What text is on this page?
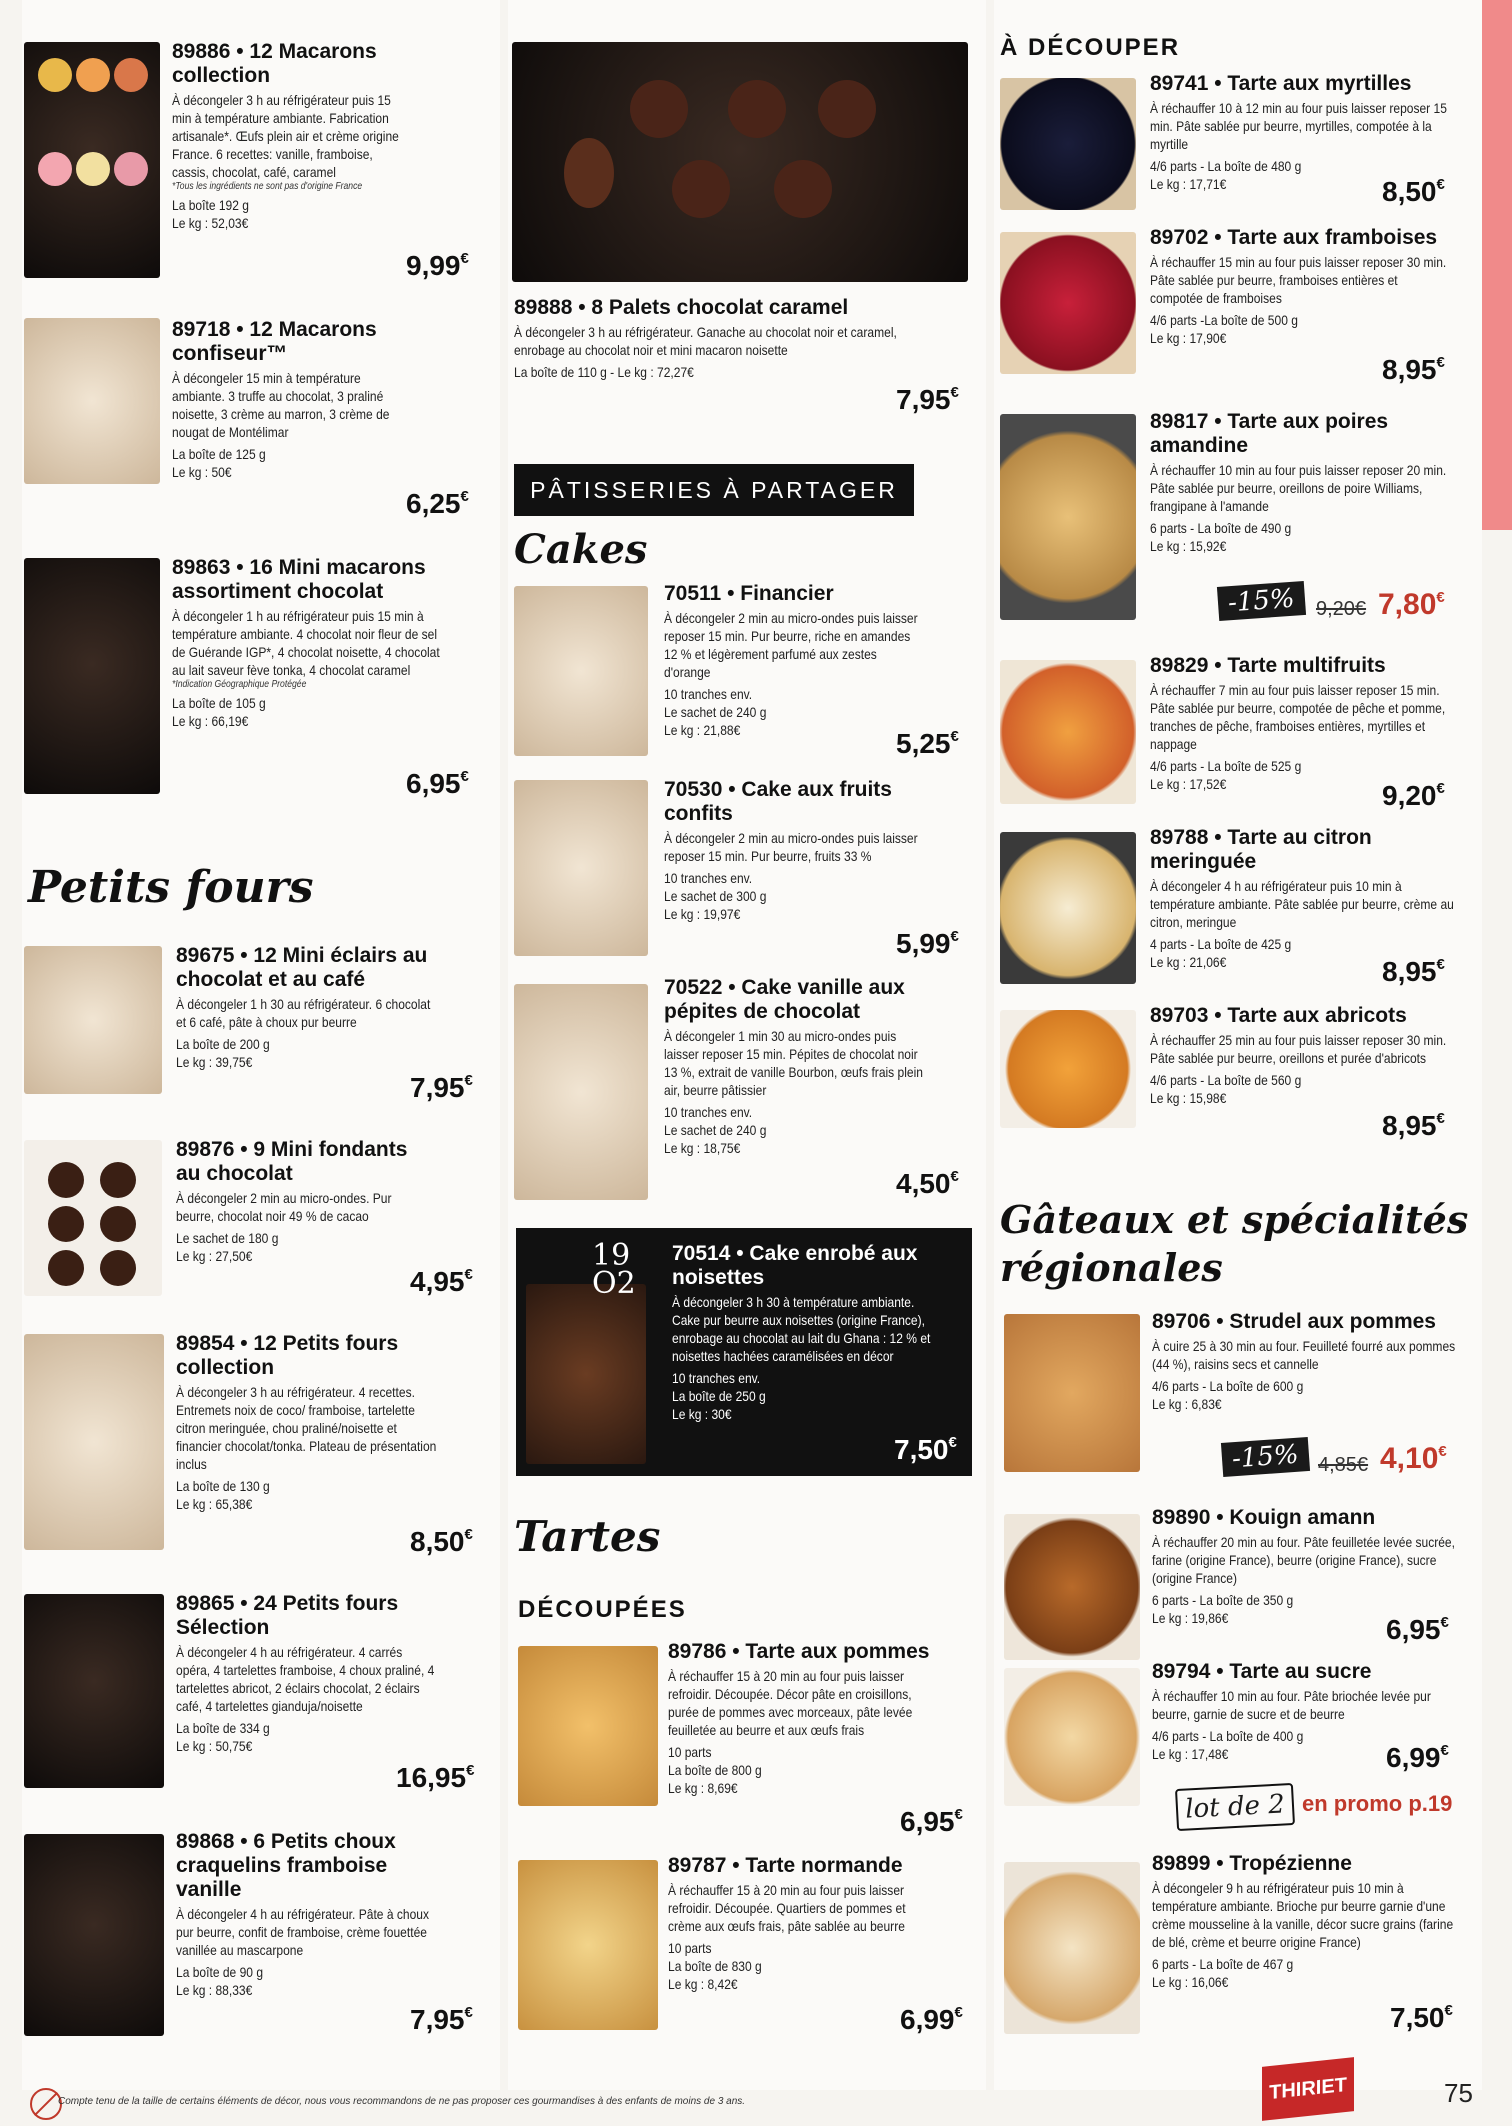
89886 • 12 Macarons collection
À décongeler 3 h au réfrigérateur puis 15 min à température ambiante. Fabrication artisanale*. Œufs plein air et crème origine France. 6 recettes: vanille, framboise, cassis, chocolat, café, caramel
*Tous les ingrédients ne sont pas d'origine France
La boîte 192 g
Le kg : 52,03€
9,99€
89718 • 12 Macarons confiseur™
À décongeler 15 min à température ambiante. 3 truffe au chocolat, 3 praliné noisette, 3 crème au marron, 3 crème de nougat de Montélimar
La boîte de 125 g
Le kg : 50€
6,25€
89863 • 16 Mini macarons assortiment chocolat
À décongeler 1 h au réfrigérateur puis 15 min à température ambiante. 4 chocolat noir fleur de sel de Guérande IGP*, 4 chocolat noisette, 4 chocolat au lait saveur fève tonka, 4 chocolat caramel
*Indication Géographique Protégée
La boîte de 105 g
Le kg : 66,19€
6,95€
Petits fours
89675 • 12 Mini éclairs au chocolat et au café
À décongeler 1 h 30 au réfrigérateur. 6 chocolat et 6 café, pâte à choux pur beurre
La boîte de 200 g
Le kg : 39,75€
7,95€
89876 • 9 Mini fondants au chocolat
À décongeler 2 min au micro-ondes. Pur beurre, chocolat noir 49 % de cacao
Le sachet de 180 g
Le kg : 27,50€
4,95€
89854 • 12 Petits fours collection
À décongeler 3 h au réfrigérateur. 4 recettes. Entremets noix de coco/ framboise, tartelette citron meringuée, chou praliné/noisette et financier chocolat/tonka. Plateau de présentation inclus
La boîte de 130 g
Le kg : 65,38€
8,50€
89865 • 24 Petits fours Sélection
À décongeler 4 h au réfrigérateur. 4 carrés opéra, 4 tartelettes framboise, 4 choux praliné, 4 tartelettes abricot, 2 éclairs chocolat, 2 éclairs café, 4 tartelettes gianduja/noisette
La boîte de 334 g
Le kg : 50,75€
16,95€
89868 • 6 Petits choux craquelins framboise vanille
À décongeler 4 h au réfrigérateur. Pâte à choux pur beurre, confit de framboise, crème fouettée vanillée au mascarpone
La boîte de 90 g
Le kg : 88,33€
7,95€
89888 • 8 Palets chocolat caramel
À décongeler 3 h au réfrigérateur. Ganache au chocolat noir et caramel, enrobage au chocolat noir et mini macaron noisette
La boîte de 110 g - Le kg : 72,27€
7,95€
PÂTISSERIES À PARTAGER
Cakes
70511 • Financier
À décongeler 2 min au micro-ondes puis laisser reposer 15 min. Pur beurre, riche en amandes 12 % et légèrement parfumé aux zestes d'orange
10 tranches env.
Le sachet de 240 g
Le kg : 21,88€	5,25€
70530 • Cake aux fruits confits
À décongeler 2 min au micro-ondes puis laisser reposer 15 min. Pur beurre, fruits 33 %
10 tranches env.
Le sachet de 300 g
Le kg : 19,97€
5,99€
70522 • Cake vanille aux pépites de chocolat
À décongeler 1 min 30 au micro-ondes puis laisser reposer 15 min. Pépites de chocolat noir 13 %, extrait de vanille Bourbon, œufs frais plein air, beurre pâtissier
10 tranches env.
Le sachet de 240 g
Le kg : 18,75€
4,50€
19 O2
70514 • Cake enrobé aux noisettes
À décongeler 3 h 30 à température ambiante. Cake pur beurre aux noisettes (origine France), enrobage au chocolat au lait du Ghana : 12 % et noisettes hachées caramélisées en décor
10 tranches env.
La boîte de 250 g
Le kg : 30€
7,50€
Tartes
DÉCOUPÉES
89786 • Tarte aux pommes
À réchauffer 15 à 20 min au four puis laisser refroidir. Découpée. Décor pâte en croisillons, purée de pommes avec morceaux, pâte levée feuilletée au beurre et aux œufs frais
10 parts
La boîte de 800 g
Le kg : 8,69€
6,95€
89787 • Tarte normande
À réchauffer 15 à 20 min au four puis laisser refroidir. Découpée. Quartiers de pommes et crème aux œufs frais, pâte sablée au beurre
10 parts
La boîte de 830 g
Le kg : 8,42€
6,99€
À DÉCOUPER
89741 • Tarte aux myrtilles
À réchauffer 10 à 12 min au four puis laisser reposer 15 min. Pâte sablée pur beurre, myrtilles, compotée à la myrtille
4/6 parts - La boîte de 480 g
Le kg : 17,71€	8,50€
89702 • Tarte aux framboises
À réchauffer 15 min au four puis laisser reposer 30 min. Pâte sablée pur beurre, framboises entières et compotée de framboises
4/6 parts -La boîte de 500 g
Le kg : 17,90€
8,95€
89817 • Tarte aux poires amandine
À réchauffer 10 min au four puis laisser reposer 20 min. Pâte sablée pur beurre, oreillons de poire Williams, frangipane à l'amande
6 parts - La boîte de 490 g
Le kg : 15,92€
-15%	9,20€ 7,80€
89829 • Tarte multifruits
À réchauffer 7 min au four puis laisser reposer 15 min. Pâte sablée pur beurre, compotée de pêche et pomme, tranches de pêche, framboises entières, myrtilles et nappage
4/6 parts - La boîte de 525 g
Le kg : 17,52€	9,20€
89788 • Tarte au citron meringuée
À décongeler 4 h au réfrigérateur puis 10 min à température ambiante. Pâte sablée pur beurre, crème au citron, meringue
4 parts - La boîte de 425 g
Le kg : 21,06€	8,95€
89703 • Tarte aux abricots
À réchauffer 25 min au four puis laisser reposer 30 min. Pâte sablée pur beurre, oreillons et purée d'abricots
4/6 parts - La boîte de 560 g
Le kg : 15,98€
8,95€
Gâteaux et spécialités régionales
89706 • Strudel aux pommes
À cuire 25 à 30 min au four. Feuilleté fourré aux pommes (44 %), raisins secs et cannelle
4/6 parts - La boîte de 600 g
Le kg : 6,83€
-15% 4,85€ 4,10€
89890 • Kouign amann
À réchauffer 20 min au four. Pâte feuilletée levée sucrée, farine (origine France), beurre (origine France), sucre (origine France)
6 parts - La boîte de 350 g
Le kg : 19,86€	6,95€
89794 • Tarte au sucre
À réchauffer 10 min au four. Pâte briochée levée pur beurre, garnie de sucre et de beurre
4/6 parts - La boîte de 400 g
Le kg : 17,48€	6,99€
lot de 2 en promo p.19
89899 • Tropézienne
À décongeler 9 h au réfrigérateur puis 10 min à température ambiante. Brioche pur beurre garnie d'une crème mousseline à la vanille, décor sucre grains (farine de blé, crème et beurre origine France)
6 parts - La boîte de 467 g
Le kg : 16,06€
7,50€
Compte tenu de la taille de certains éléments de décor, nous vous recommandons de ne pas proposer ces gourmandises à des enfants de moins de 3 ans.	THIRIET	75
